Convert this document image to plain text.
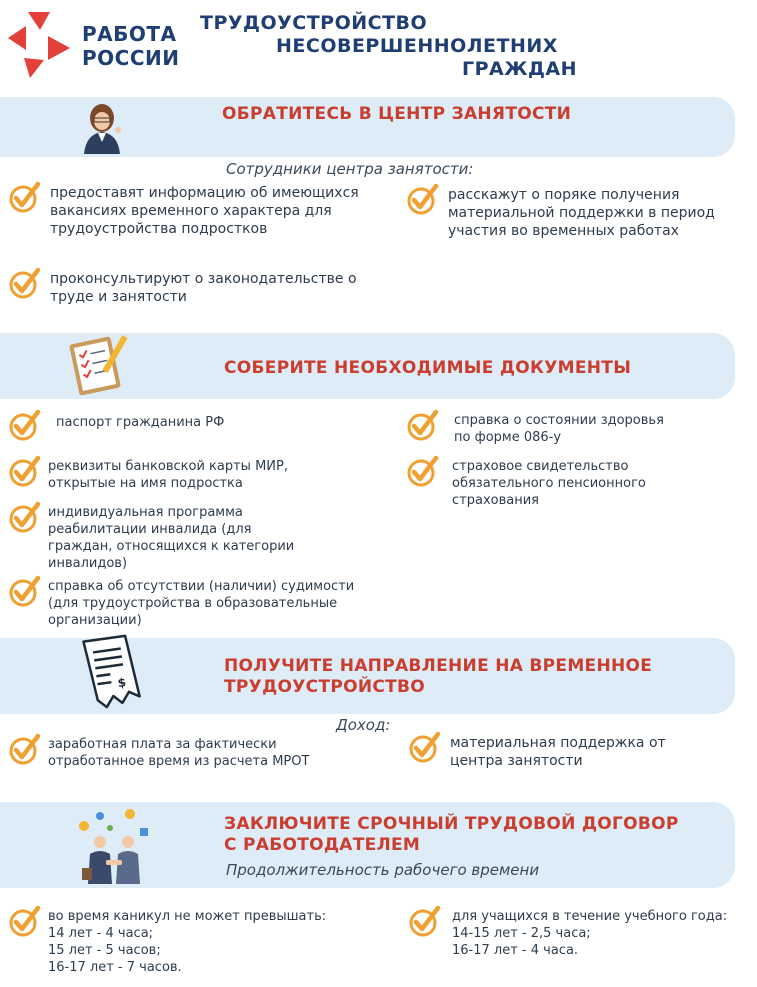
РАБОТА
РОССИИ
ТРУДОУСТРОЙСТВО
НЕСОВЕРШЕННОЛЕТНИХ
ГРАЖДАН
ОБРАТИТЕСЬ В ЦЕНТР ЗАНЯТОСТИ
Сотрудники центра занятости:
предоставят информацию об имеющихся
вакансиях временного характера для
трудоустройства подростков
расскажут о поряке получения
материальной поддержки в период
участия во временных работах
проконсультируют о законодательстве о
труде и занятости
СОБЕРИТЕ НЕОБХОДИМЫЕ ДОКУМЕНТЫ
паспорт гражданина РФ	справка о состоянии здоровья
по форме 086-у
реквизиты банковской карты МИР,
открытые на имя подростка
страховое свидетельство
обязательного пенсионного
страхования
индивидуальная программа
реабилитации инвалида (для
граждан, относящихся к категории
инвалидов)
справка об отсутствии (наличии) судимости
(для трудоустройства в образовательные
организации)
$
ПОЛУЧИТЕ НАПРАВЛЕНИЕ НА ВРЕМЕННОЕ
ТРУДОУСТРОЙСТВО
Доход:
заработная плата за фактически
отработанное время из расчета МРОТ
материальная поддержка от
центра занятости
ЗАКЛЮЧИТЕ СРОЧНЫЙ ТРУДОВОЙ ДОГОВОР
С РАБОТОДАТЕЛЕМ
Продолжительность рабочего времени
во время каникул не может превышать:
14 лет - 4 часа;
15 лет - 5 часов;
16-17 лет - 7 часов.
для учащихся в течение учебного года:
14-15 лет - 2,5 часа;
16-17 лет - 4 часа.
